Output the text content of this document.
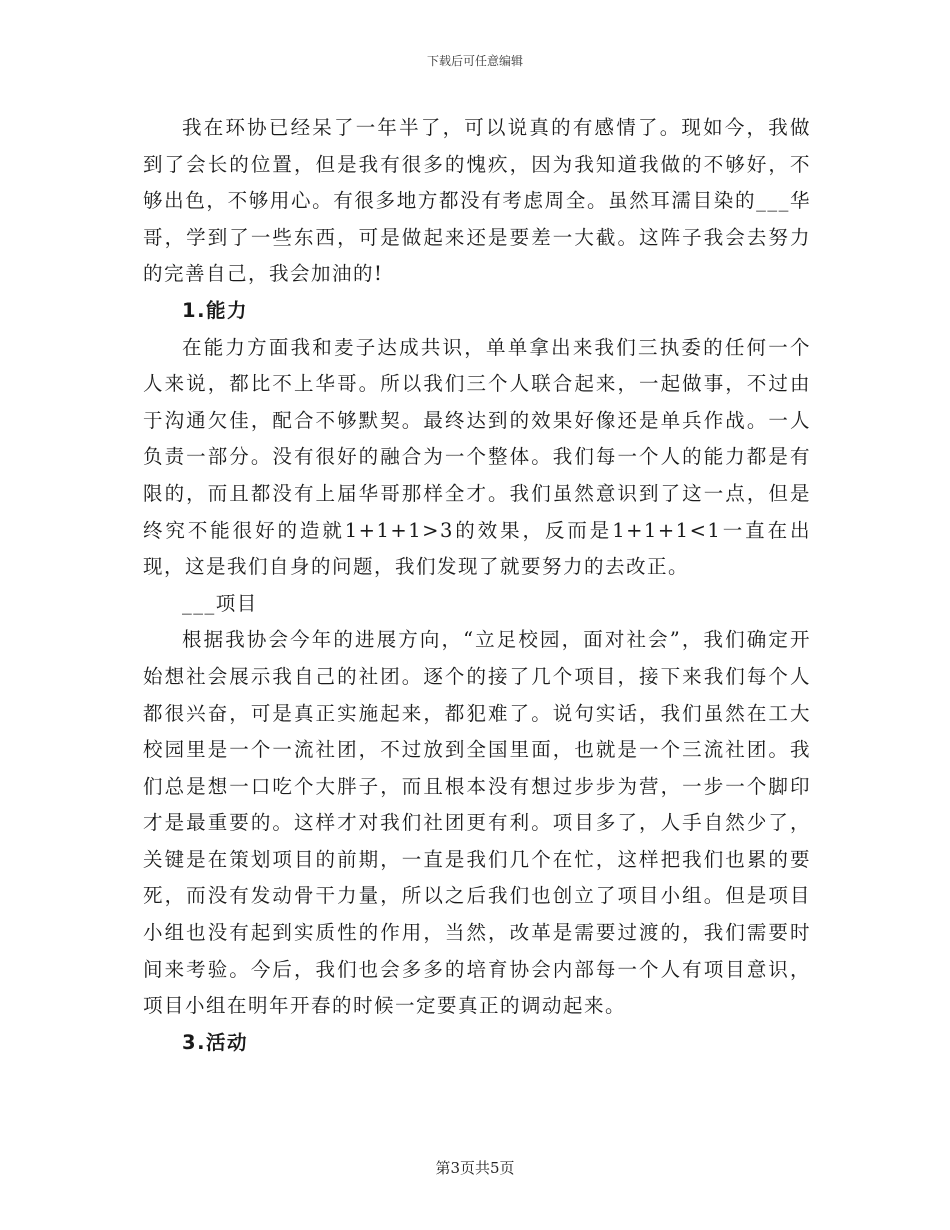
下载后可任意编辑

我在环协已经呆了一年半了，可以说真的有感情了。现如今，我做到了会长的位置，但是我有很多的愧疚，因为我知道我做的不够好，不够出色，不够用心。有很多地方都没有考虑周全。虽然耳濡目染的___华哥，学到了一些东西，可是做起来还是要差一大截。这阵子我会去努力的完善自己，我会加油的!

1.能力

在能力方面我和麦子达成共识，单单拿出来我们三执委的任何一个人来说，都比不上华哥。所以我们三个人联合起来，一起做事，不过由于沟通欠佳，配合不够默契。最终达到的效果好像还是单兵作战。一人负责一部分。没有很好的融合为一个整体。我们每一个人的能力都是有限的，而且都没有上届华哥那样全才。我们虽然意识到了这一点，但是终究不能很好的造就1+1+1>3的效果，反而是1+1+1<1一直在出现，这是我们自身的问题，我们发现了就要努力的去改正。

___项目

根据我协会今年的进展方向，“立足校园，面对社会”，我们确定开始想社会展示我自己的社团。逐个的接了几个项目，接下来我们每个人都很兴奋，可是真正实施起来，都犯难了。说句实话，我们虽然在工大校园里是一个一流社团，不过放到全国里面，也就是一个三流社团。我们总是想一口吃个大胖子，而且根本没有想过步步为营，一步一个脚印才是最重要的。这样才对我们社团更有利。项目多了，人手自然少了，关键是在策划项目的前期，一直是我们几个在忙，这样把我们也累的要死，而没有发动骨干力量，所以之后我们也创立了项目小组。但是项目小组也没有起到实质性的作用，当然，改革是需要过渡的，我们需要时间来考验。今后，我们也会多多的培育协会内部每一个人有项目意识，项目小组在明年开春的时候一定要真正的调动起来。

3.活动

第3页共5页
